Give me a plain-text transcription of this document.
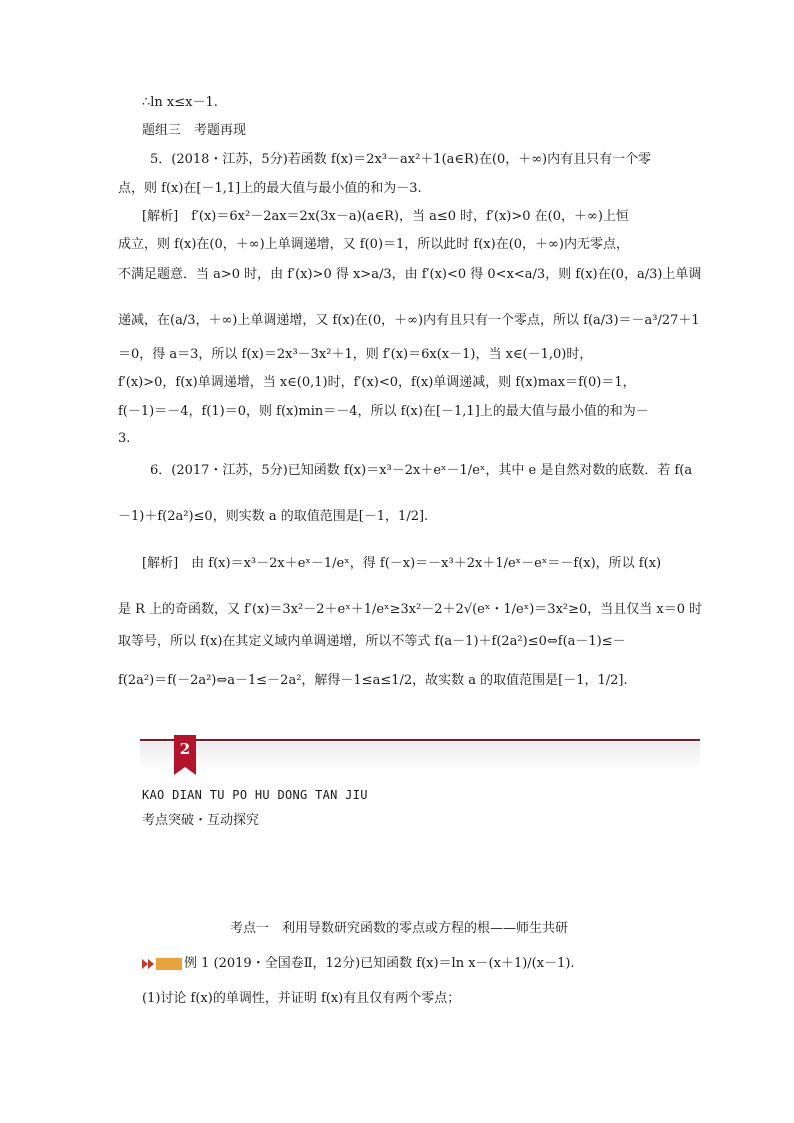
∴ln x≤x－1.
题组三　考题再现
5．(2018・江苏，5分)若函数 f(x)＝2x³－ax²＋1(a∈R)在(0，＋∞)内有且只有一个零
点，则 f(x)在[－1,1]上的最大值与最小值的和为－3.
[解析]　f′(x)＝6x²－2ax＝2x(3x－a)(a∈R)，当 a≤0 时，f′(x)>0 在(0，＋∞)上恒
成立，则 f(x)在(0，＋∞)上单调递增，又 f(0)＝1，所以此时 f(x)在(0，＋∞)内无零点，
不满足题意．当 a>0 时，由 f′(x)>0 得 x>a/3，由 f′(x)<0 得 0<x<a/3，则 f(x)在(0，a/3)上单调
递减，在(a/3，＋∞)上单调递增，又 f(x)在(0，＋∞)内有且只有一个零点，所以 f(a/3)＝－a³/27＋1
＝0，得 a＝3，所以 f(x)＝2x³－3x²＋1，则 f′(x)＝6x(x－1)，当 x∈(－1,0)时，
f′(x)>0，f(x)单调递增，当 x∈(0,1)时，f′(x)<0，f(x)单调递减，则 f(x)max＝f(0)＝1，
f(－1)＝－4，f(1)＝0，则 f(x)min＝－4，所以 f(x)在[－1,1]上的最大值与最小值的和为－
3.
6．(2017・江苏，5分)已知函数 f(x)＝x³－2x＋eˣ－1/eˣ，其中 e 是自然对数的底数．若 f(a
－1)＋f(2a²)≤0，则实数 a 的取值范围是[－1，1/2].
[解析]　由 f(x)＝x³－2x＋eˣ－1/eˣ，得 f(－x)＝－x³＋2x＋1/eˣ－eˣ＝－f(x)，所以 f(x)
是 R 上的奇函数，又 f′(x)＝3x²－2＋eˣ＋1/eˣ≥3x²－2＋2√(eˣ・1/eˣ)＝3x²≥0，当且仅当 x＝0 时
取等号，所以 f(x)在其定义域内单调递增，所以不等式 f(a－1)＋f(2a²)≤0⇔f(a－1)≤－
f(2a²)＝f(－2a²)⇔a－1≤－2a²，解得－1≤a≤1/2，故实数 a 的取值范围是[－1，1/2].
2
KAO DIAN TU PO HU DONG TAN JIU
考点突破・互动探究
考点一　利用导数研究函数的零点或方程的根——师生共研
例 1 (2019・全国卷Ⅱ，12分)已知函数 f(x)＝ln x－(x＋1)/(x－1).
(1)讨论 f(x)的单调性，并证明 f(x)有且仅有两个零点；
